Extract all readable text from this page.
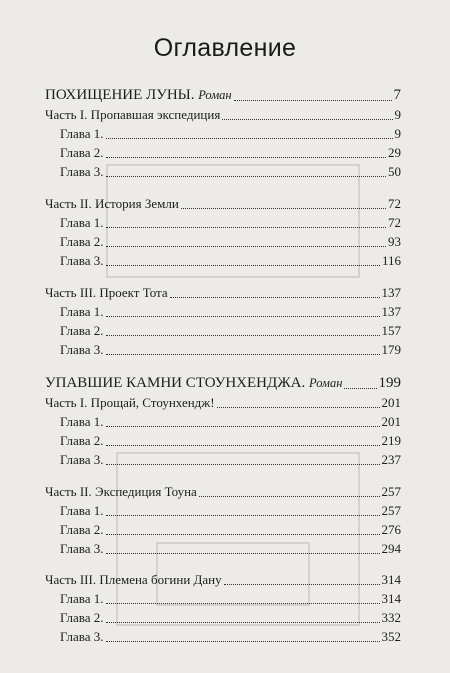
Оглавление
ПОХИЩЕНИЕ ЛУНЫ. Роман	7
Часть I. Пропавшая экспедиция	9
Глава 1.	9
Глава 2.	29
Глава 3.	50
Часть II. История Земли	72
Глава 1.	72
Глава 2.	93
Глава 3.	116
Часть III. Проект Тота	137
Глава 1.	137
Глава 2.	157
Глава 3.	179
УПАВШИЕ КАМНИ СТОУНХЕНДЖА. Роман 199
Часть I. Прощай, Стоунхендж!	201
Глава 1.	201
Глава 2.	219
Глава 3.	237
Часть II. Экспедиция Тоуна	257
Глава 1.	257
Глава 2.	276
Глава 3.	294
Часть III. Племена богини Дану	314
Глава 1.	314
Глава 2.	332
Глава 3.	352
